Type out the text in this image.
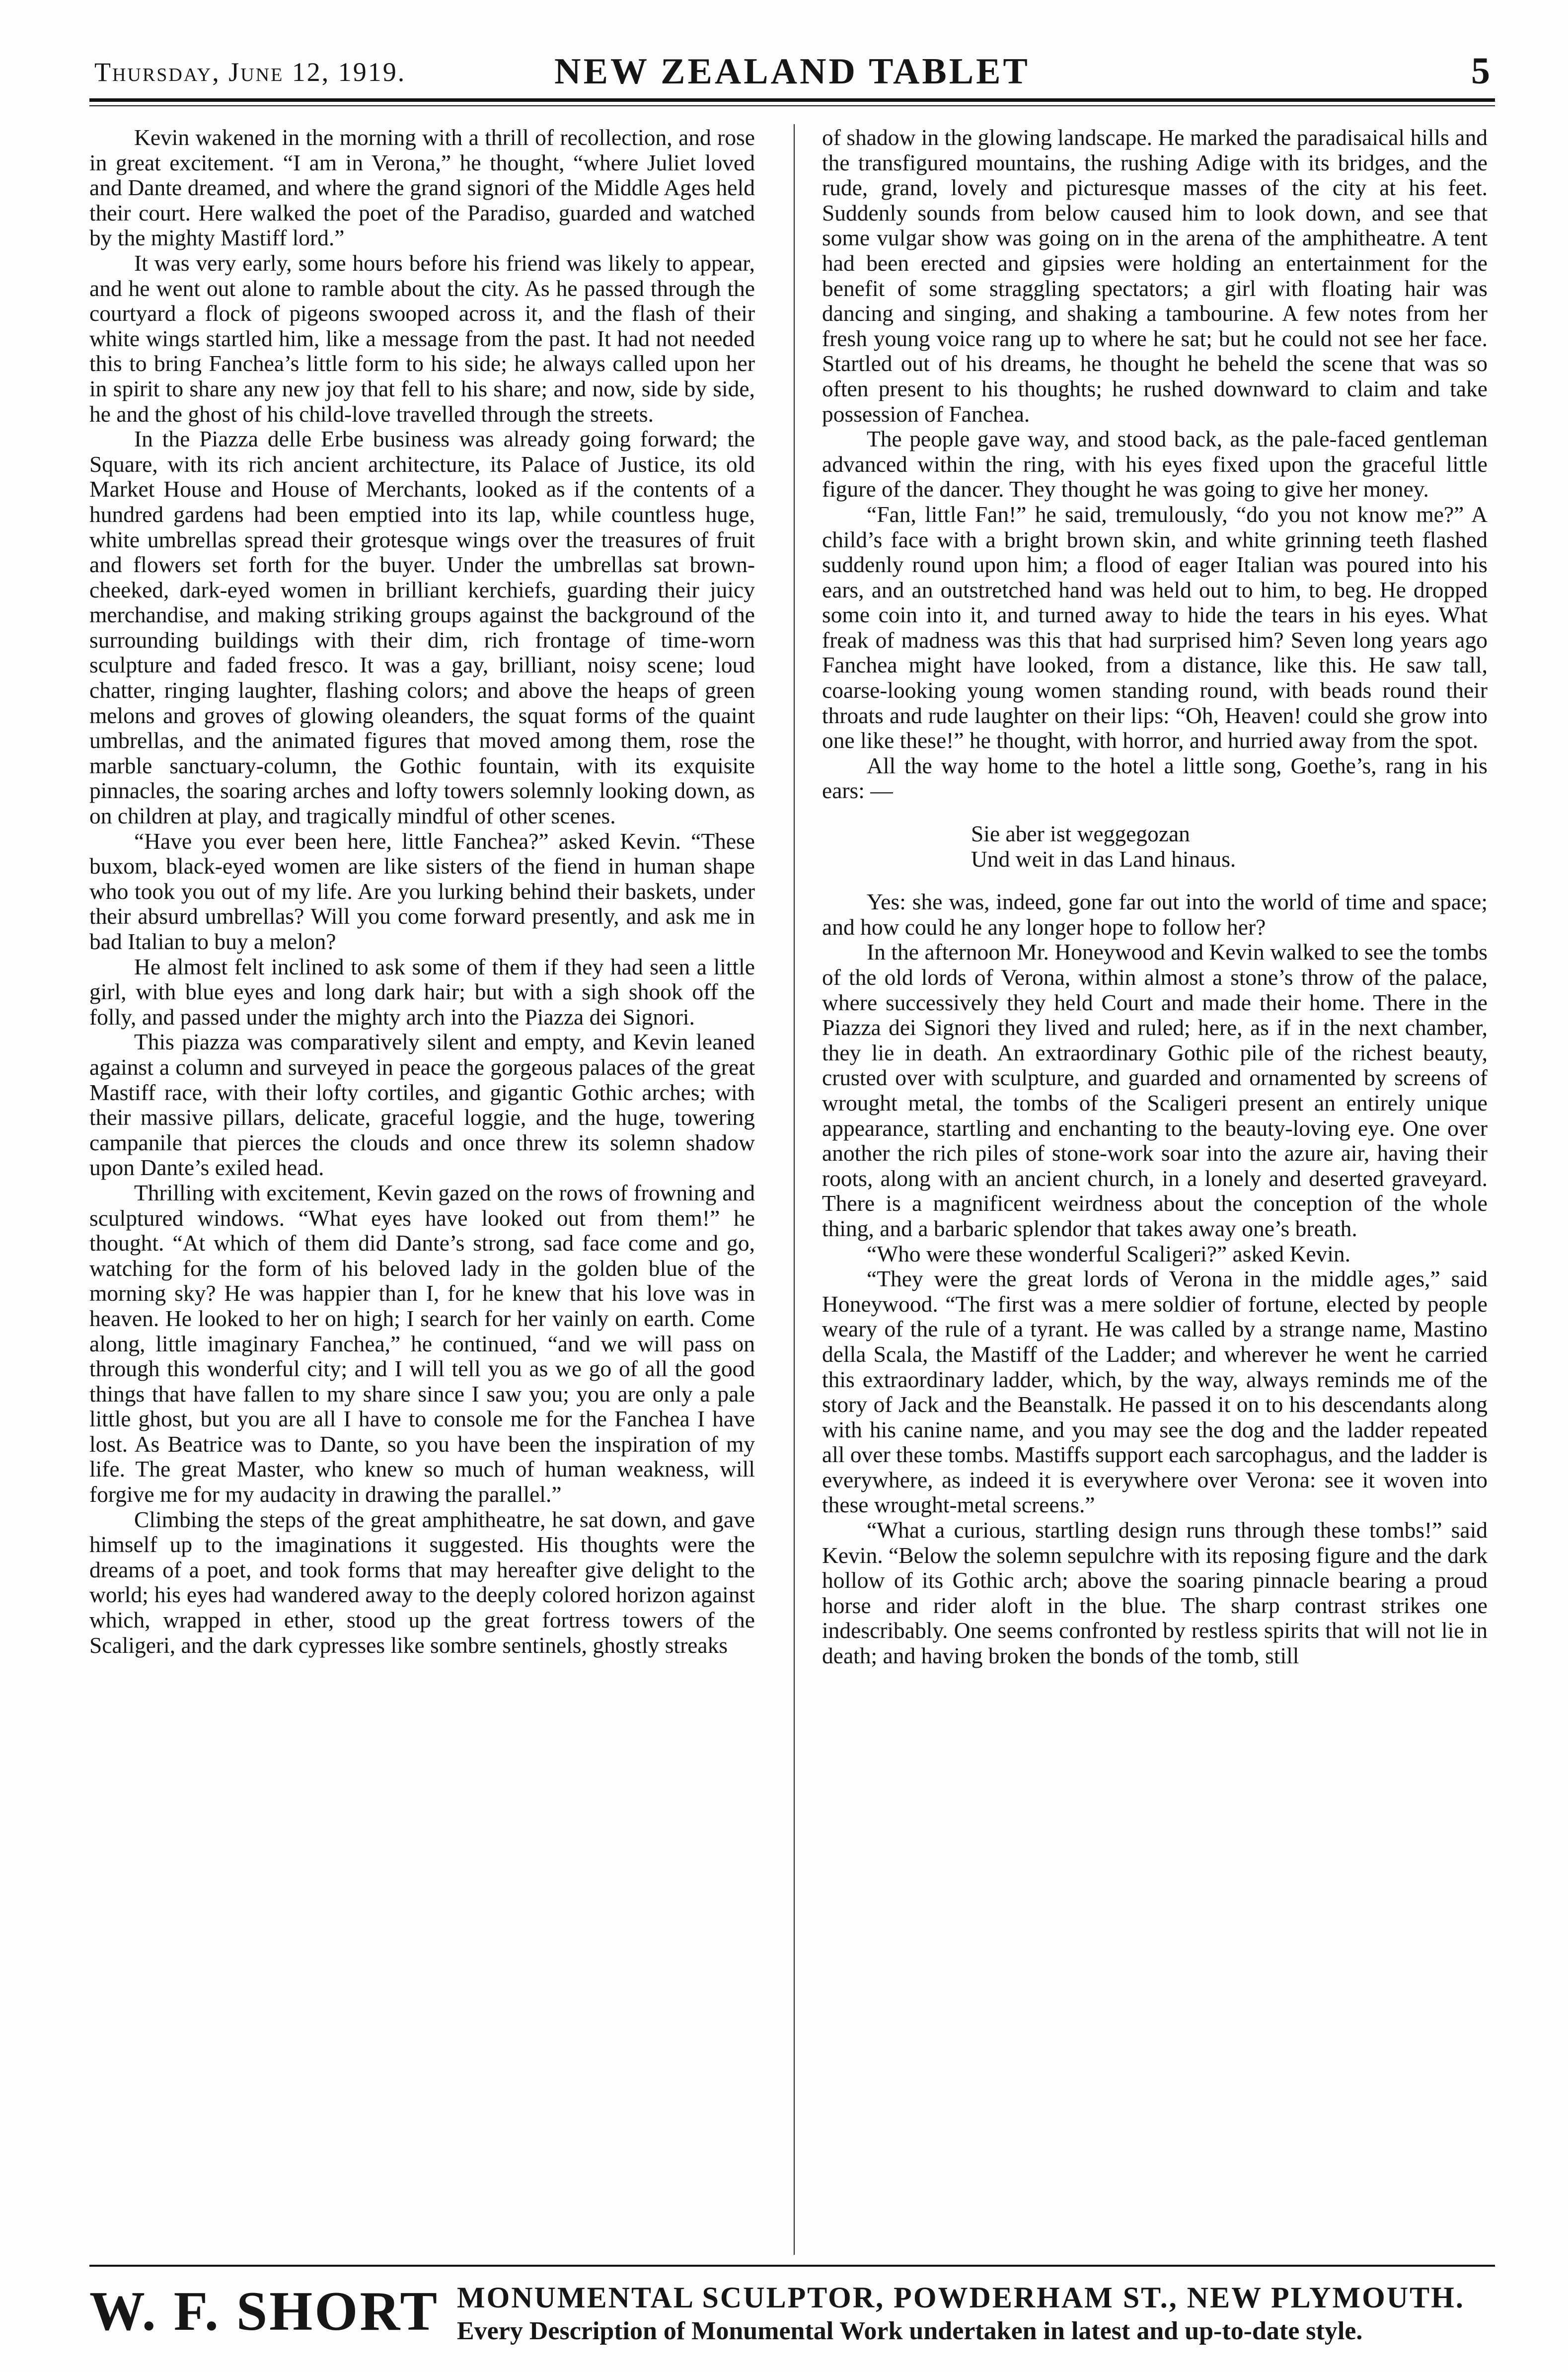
Thursday, June 12, 1919.	NEW ZEALAND TABLET	5

Kevin wakened in the morning with a thrill of recollection, and rose in great excitement. “I am in Verona,” he thought, “where Juliet loved and Dante dreamed, and where the grand signori of the Middle Ages held their court. Here walked the poet of the Paradiso, guarded and watched by the mighty Mastiff lord.”

It was very early, some hours before his friend was likely to appear, and he went out alone to ramble about the city. As he passed through the courtyard a flock of pigeons swooped across it, and the flash of their white wings startled him, like a message from the past. It had not needed this to bring Fanchea’s little form to his side; he always called upon her in spirit to share any new joy that fell to his share; and now, side by side, he and the ghost of his child-love travelled through the streets.

In the Piazza delle Erbe business was already going forward; the Square, with its rich ancient architecture, its Palace of Justice, its old Market House and House of Merchants, looked as if the contents of a hundred gardens had been emptied into its lap, while countless huge, white umbrellas spread their grotesque wings over the treasures of fruit and flowers set forth for the buyer. Under the umbrellas sat brown-cheeked, dark-eyed women in brilliant kerchiefs, guarding their juicy merchandise, and making striking groups against the background of the surrounding buildings with their dim, rich frontage of time-worn sculpture and faded fresco. It was a gay, brilliant, noisy scene; loud chatter, ringing laughter, flashing colors; and above the heaps of green melons and groves of glowing oleanders, the squat forms of the quaint umbrellas, and the animated figures that moved among them, rose the marble sanctuary-column, the Gothic fountain, with its exquisite pinnacles, the soaring arches and lofty towers solemnly looking down, as on children at play, and tragically mindful of other scenes.

“Have you ever been here, little Fanchea?” asked Kevin. “These buxom, black-eyed women are like sisters of the fiend in human shape who took you out of my life. Are you lurking behind their baskets, under their absurd umbrellas? Will you come forward presently, and ask me in bad Italian to buy a melon?

He almost felt inclined to ask some of them if they had seen a little girl, with blue eyes and long dark hair; but with a sigh shook off the folly, and passed under the mighty arch into the Piazza dei Signori.

This piazza was comparatively silent and empty, and Kevin leaned against a column and surveyed in peace the gorgeous palaces of the great Mastiff race, with their lofty cortiles, and gigantic Gothic arches; with their massive pillars, delicate, graceful loggie, and the huge, towering campanile that pierces the clouds and once threw its solemn shadow upon Dante’s exiled head.

Thrilling with excitement, Kevin gazed on the rows of frowning and sculptured windows. “What eyes have looked out from them!” he thought. “At which of them did Dante’s strong, sad face come and go, watching for the form of his beloved lady in the golden blue of the morning sky? He was happier than I, for he knew that his love was in heaven. He looked to her on high; I search for her vainly on earth. Come along, little imaginary Fanchea,” he continued, “and we will pass on through this wonderful city; and I will tell you as we go of all the good things that have fallen to my share since I saw you; you are only a pale little ghost, but you are all I have to console me for the Fanchea I have lost. As Beatrice was to Dante, so you have been the inspiration of my life. The great Master, who knew so much of human weakness, will forgive me for my audacity in drawing the parallel.”

Climbing the steps of the great amphitheatre, he sat down, and gave himself up to the imaginations it suggested. His thoughts were the dreams of a poet, and took forms that may hereafter give delight to the world; his eyes had wandered away to the deeply colored horizon against which, wrapped in ether, stood up the great fortress towers of the Scaligeri, and the dark cypresses like sombre sentinels, ghostly streaks

of shadow in the glowing landscape. He marked the paradisaical hills and the transfigured mountains, the rushing Adige with its bridges, and the rude, grand, lovely and picturesque masses of the city at his feet. Suddenly sounds from below caused him to look down, and see that some vulgar show was going on in the arena of the amphitheatre. A tent had been erected and gipsies were holding an entertainment for the benefit of some straggling spectators; a girl with floating hair was dancing and singing, and shaking a tambourine. A few notes from her fresh young voice rang up to where he sat; but he could not see her face. Startled out of his dreams, he thought he beheld the scene that was so often present to his thoughts; he rushed downward to claim and take possession of Fanchea.

The people gave way, and stood back, as the pale-faced gentleman advanced within the ring, with his eyes fixed upon the graceful little figure of the dancer. They thought he was going to give her money.

“Fan, little Fan!” he said, tremulously, “do you not know me?” A child’s face with a bright brown skin, and white grinning teeth flashed suddenly round upon him; a flood of eager Italian was poured into his ears, and an outstretched hand was held out to him, to beg. He dropped some coin into it, and turned away to hide the tears in his eyes. What freak of madness was this that had surprised him? Seven long years ago Fanchea might have looked, from a distance, like this. He saw tall, coarse-looking young women standing round, with beads round their throats and rude laughter on their lips: “Oh, Heaven! could she grow into one like these!” he thought, with horror, and hurried away from the spot.

All the way home to the hotel a little song, Goethe’s, rang in his ears: —

Sie aber ist weggegozan
Und weit in das Land hinaus.

Yes: she was, indeed, gone far out into the world of time and space; and how could he any longer hope to follow her?

In the afternoon Mr. Honeywood and Kevin walked to see the tombs of the old lords of Verona, within almost a stone’s throw of the palace, where successively they held Court and made their home. There in the Piazza dei Signori they lived and ruled; here, as if in the next chamber, they lie in death. An extraordinary Gothic pile of the richest beauty, crusted over with sculpture, and guarded and ornamented by screens of wrought metal, the tombs of the Scaligeri present an entirely unique appearance, startling and enchanting to the beauty-loving eye. One over another the rich piles of stone-work soar into the azure air, having their roots, along with an ancient church, in a lonely and deserted graveyard. There is a magnificent weirdness about the conception of the whole thing, and a barbaric splendor that takes away one’s breath.

“Who were these wonderful Scaligeri?” asked Kevin.

“They were the great lords of Verona in the middle ages,” said Honeywood. “The first was a mere soldier of fortune, elected by people weary of the rule of a tyrant. He was called by a strange name, Mastino della Scala, the Mastiff of the Ladder; and wherever he went he carried this extraordinary ladder, which, by the way, always reminds me of the story of Jack and the Beanstalk. He passed it on to his descendants along with his canine name, and you may see the dog and the ladder repeated all over these tombs. Mastiffs support each sarcophagus, and the ladder is everywhere, as indeed it is everywhere over Verona: see it woven into these wrought-metal screens.”

“What a curious, startling design runs through these tombs!” said Kevin. “Below the solemn sepulchre with its reposing figure and the dark hollow of its Gothic arch; above the soaring pinnacle bearing a proud horse and rider aloft in the blue. The sharp contrast strikes one indescribably. One seems confronted by restless spirits that will not lie in death; and having broken the bonds of the tomb, still

W. F. SHORT MONUMENTAL SCULPTOR, POWDERHAM ST., NEW PLYMOUTH.
Every Description of Monumental Work undertaken in latest and up-to-date style.
